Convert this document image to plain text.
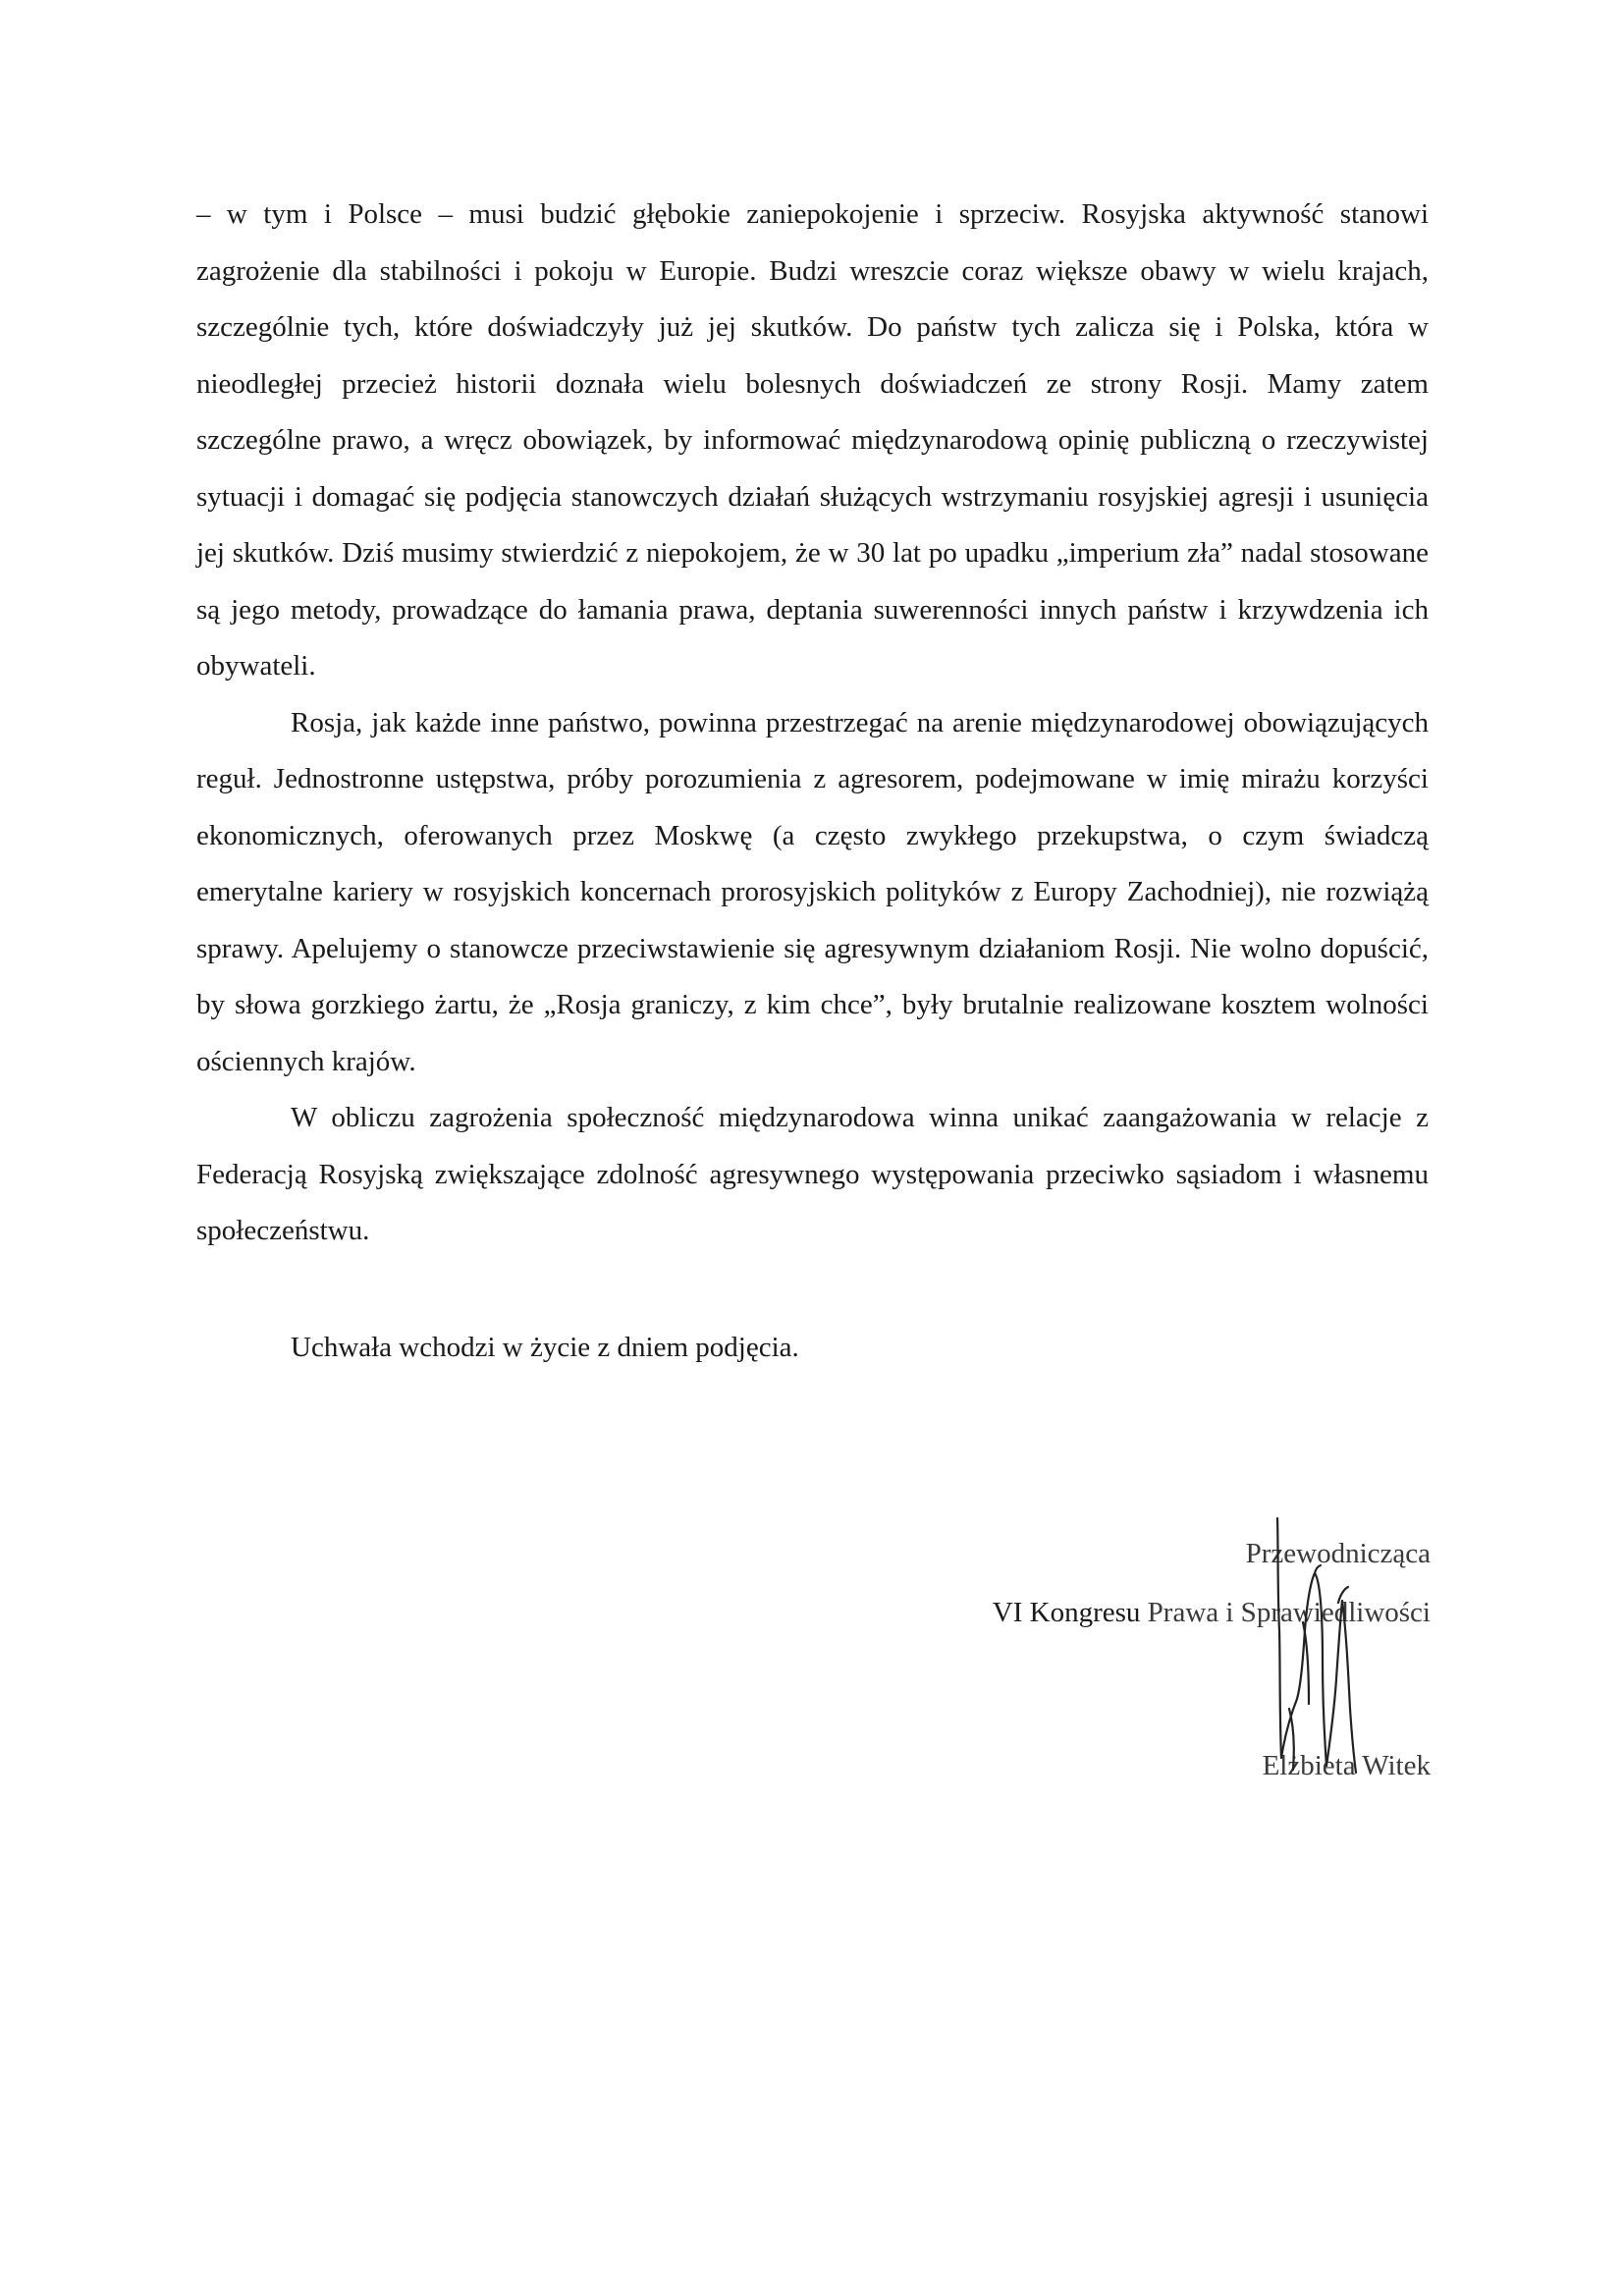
– w tym i Polsce – musi budzić głębokie zaniepokojenie i sprzeciw. Rosyjska aktywność stanowi zagrożenie dla stabilności i pokoju w Europie. Budzi wreszcie coraz większe obawy w wielu krajach, szczególnie tych, które doświadczyły już jej skutków. Do państw tych zalicza się i Polska, która w nieodległej przecież historii doznała wielu bolesnych doświadczeń ze strony Rosji. Mamy zatem szczególne prawo, a wręcz obowiązek, by informować międzynarodową opinię publiczną o rzeczywistej sytuacji i domagać się podjęcia stanowczych działań służących wstrzymaniu rosyjskiej agresji i usunięcia jej skutków. Dziś musimy stwierdzić z niepokojem, że w 30 lat po upadku „imperium zła” nadal stosowane są jego metody, prowadzące do łamania prawa, deptania suwerenności innych państw i krzywdzenia ich obywateli.

Rosja, jak każde inne państwo, powinna przestrzegać na arenie międzynarodowej obowiązujących reguł. Jednostronne ustępstwa, próby porozumienia z agresorem, podejmowane w imię mirażu korzyści ekonomicznych, oferowanych przez Moskwę (a często zwykłego przekupstwa, o czym świadczą emerytalne kariery w rosyjskich koncernach prorosyjskich polityków z Europy Zachodniej), nie rozwiążą sprawy. Apelujemy o stanowcze przeciwstawienie się agresywnym działaniom Rosji. Nie wolno dopuścić, by słowa gorzkiego żartu, że „Rosja graniczy, z kim chce”, były brutalnie realizowane kosztem wolności ościennych krajów.

W obliczu zagrożenia społeczność międzynarodowa winna unikać zaangażowania w relacje z Federacją Rosyjską zwiększające zdolność agresywnego występowania przeciwko sąsiadom i własnemu społeczeństwu.

Uchwała wchodzi w życie z dniem podjęcia.
Przewodnicząca
VI Kongresu Prawa i Sprawiedliwości
Elżbieta Witek
